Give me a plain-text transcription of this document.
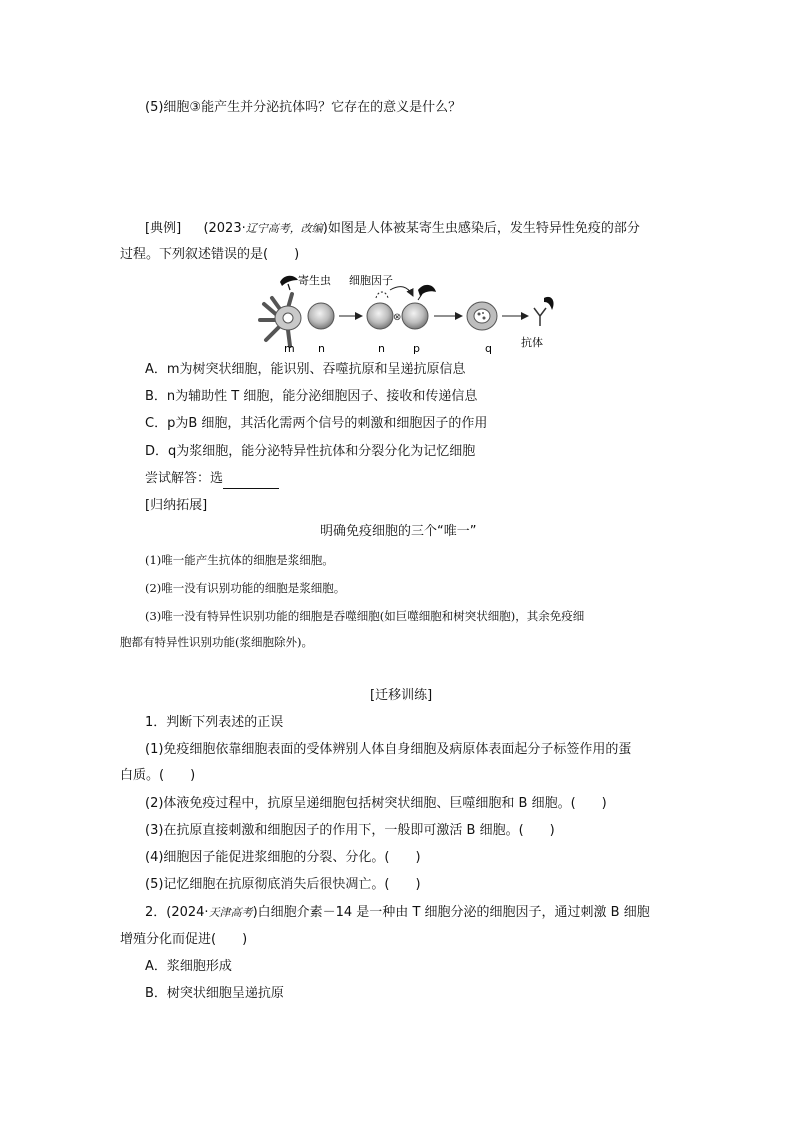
(5)细胞③能产生并分泌抗体吗？它存在的意义是什么？
[典例] (2023·辽宁高考，改编)如图是人体被某寄生虫感染后，发生特异性免疫的部分
过程。下列叙述错误的是(　　)
寄生虫 细胞因子
⊗
抗体
m n	n	p	q
A．m为树突状细胞，能识别、吞噬抗原和呈递抗原信息
B．n为辅助性 T 细胞，能分泌细胞因子、接收和传递信息
C．p为B 细胞，其活化需两个信号的刺激和细胞因子的作用
D．q为浆细胞，能分泌特异性抗体和分裂分化为记忆细胞
尝试解答：选
[归纳拓展]
明确免疫细胞的三个“唯一”
(1)唯一能产生抗体的细胞是浆细胞。
(2)唯一没有识别功能的细胞是浆细胞。
(3)唯一没有特异性识别功能的细胞是吞噬细胞(如巨噬细胞和树突状细胞)，其余免疫细
胞都有特异性识别功能(浆细胞除外)。
[迁移训练]
1．判断下列表述的正误
(1)免疫细胞依靠细胞表面的受体辨别人体自身细胞及病原体表面起分子标签作用的蛋
白质。(　　)
(2)体液免疫过程中，抗原呈递细胞包括树突状细胞、巨噬细胞和 B 细胞。(　　)
(3)在抗原直接刺激和细胞因子的作用下，一般即可激活 B 细胞。(　　)
(4)细胞因子能促进浆细胞的分裂、分化。(　　)
(5)记忆细胞在抗原彻底消失后很快凋亡。(　　)
2．(2024·天津高考)白细胞介素－14 是一种由 T 细胞分泌的细胞因子，通过刺激 B 细胞
增殖分化而促进(　　)
A．浆细胞形成
B．树突状细胞呈递抗原
